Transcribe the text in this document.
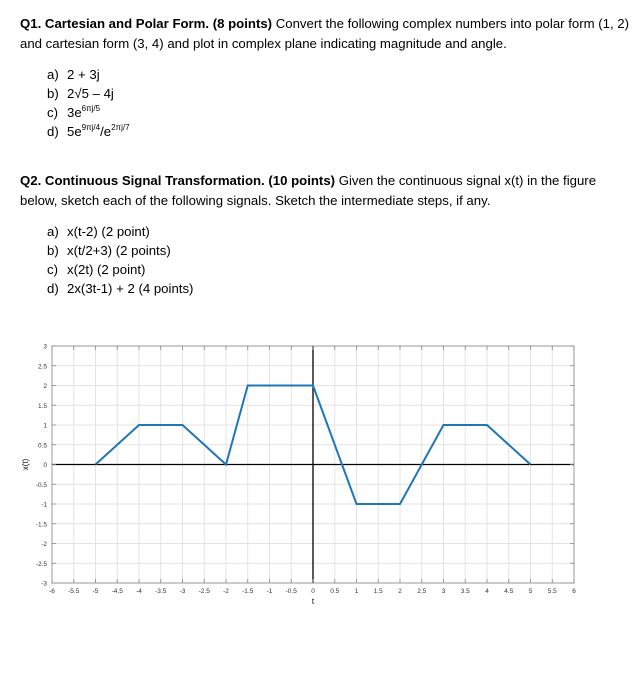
Q1. Cartesian and Polar Form. (8 points) Convert the following complex numbers into polar form (1, 2) and cartesian form (3, 4) and plot in complex plane indicating magnitude and angle.
a) 2 + 3j
b) 2√5 – 4j
c) $3e^{6\pi j/5}$
d) $5e^{9\pi j/4}/e^{2\pi j/7}$
Q2. Continuous Signal Transformation. (10 points) Given the continuous signal x(t) in the figure below, sketch each of the following signals. Sketch the intermediate steps, if any.
a) x(t-2) (2 point)
b) x(t/2+3) (2 points)
c) x(2t) (2 point)
d) 2x(3t-1) + 2 (4 points)
-6 -5.5 -5 -4.5 -4 -3.5 -3 -2.5 -2 -1.5 -1 -0.5 0 0.5 1 1.5 2 2.5 3 3.5 4 4.5 5 5.5 6
3
2.5
2
1.5
1
0.5
0
-0.5
-1
-1.5
-2
-2.5
-3
t
x(t)
